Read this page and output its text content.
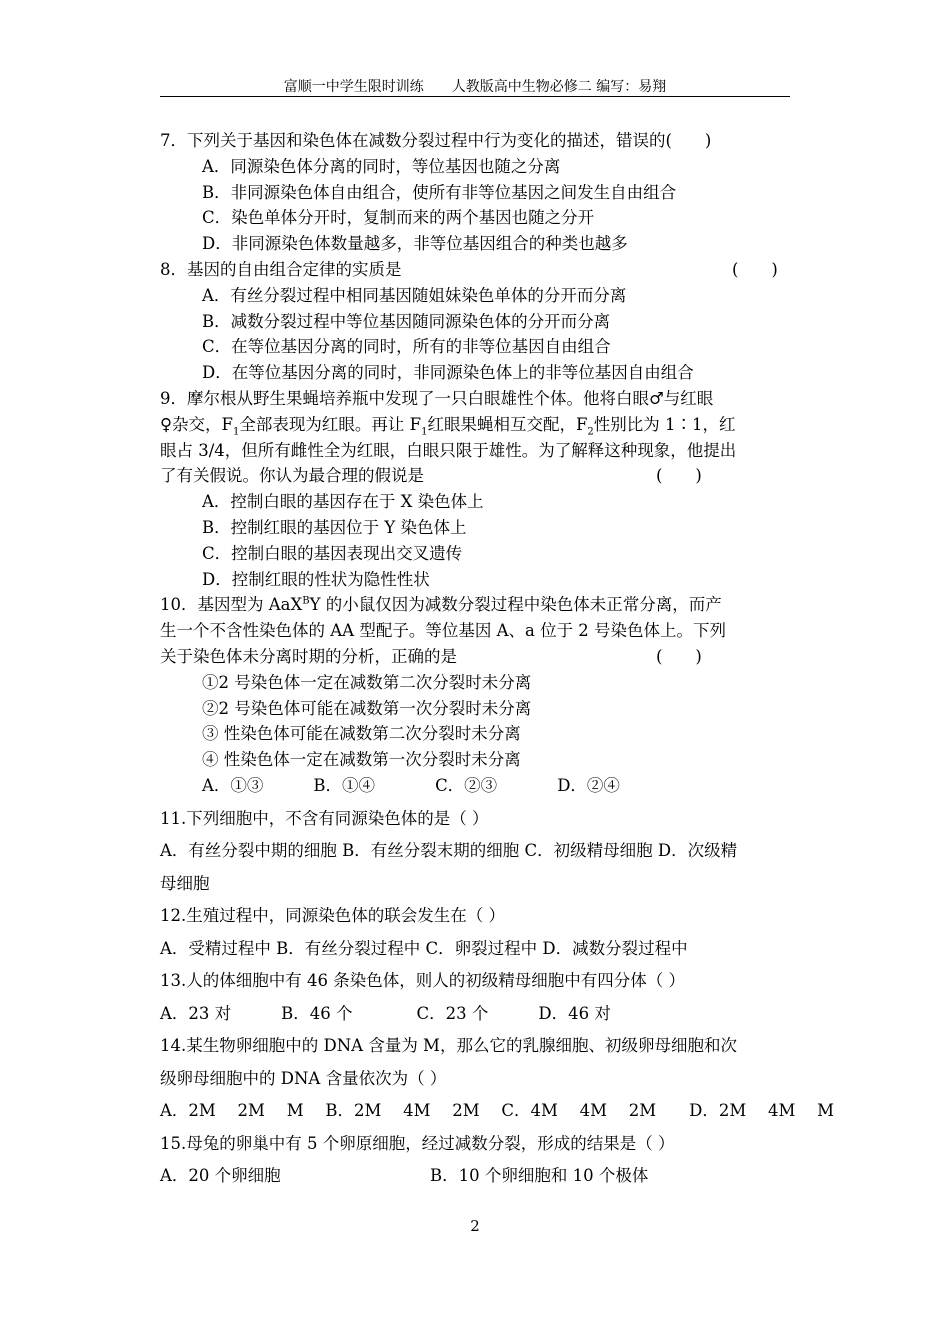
富顺一中学生限时训练　　人教版高中生物必修二 编写：易翔
7．下列关于基因和染色体在减数分裂过程中行为变化的描述，错误的(　　)
A．同源染色体分离的同时，等位基因也随之分离
B．非同源染色体自由组合，使所有非等位基因之间发生自由组合
C．染色单体分开时，复制而来的两个基因也随之分开
D．非同源染色体数量越多，非等位基因组合的种类也越多
8．基因的自由组合定律的实质是	(　　)
A．有丝分裂过程中相同基因随姐妹染色单体的分开而分离
B．减数分裂过程中等位基因随同源染色体的分开而分离
C．在等位基因分离的同时，所有的非等位基因自由组合
D．在等位基因分离的同时，非同源染色体上的非等位基因自由组合
9．摩尔根从野生果蝇培养瓶中发现了一只白眼雄性个体。他将白眼♂与红眼
♀杂交，$F_1$全部表现为红眼。再让 $F_1$红眼果蝇相互交配，$F_2$性别比为 1∶1，红
眼占 3/4，但所有雌性全为红眼，白眼只限于雄性。为了解释这种现象，他提出
了有关假说。你认为最合理的假说是	(　　)
A．控制白眼的基因存在于 X 染色体上
B．控制红眼的基因位于 Y 染色体上
C．控制白眼的基因表现出交叉遗传
D．控制红眼的性状为隐性性状
10．基因型为 AaX$^B$Y 的小鼠仅因为减数分裂过程中染色体未正常分离，而产
生一个不含性染色体的 AA 型配子。等位基因 A、a 位于 2 号染色体上。下列
关于染色体未分离时期的分析，正确的是	(　　)
①2 号染色体一定在减数第二次分裂时未分离
②2 号染色体可能在减数第一次分裂时未分离
③ 性染色体可能在减数第二次分裂时未分离
④ 性染色体一定在减数第一次分裂时未分离
A．①③	B．①④	C．②③	D．②④
11.下列细胞中，不含有同源染色体的是（ ）
A．有丝分裂中期的细胞 B．有丝分裂末期的细胞 C．初级精母细胞 D．次级精
母细胞
12.生殖过程中，同源染色体的联会发生在（ ）
A．受精过程中 B．有丝分裂过程中 C．卵裂过程中 D．减数分裂过程中
13.人的体细胞中有 46 条染色体，则人的初级精母细胞中有四分体（ ）
A．23 对	B．46 个	C．23 个	D．46 对
14.某生物卵细胞中的 DNA 含量为 M，那么它的乳腺细胞、初级卵母细胞和次
级卵母细胞中的 DNA 含量依次为（ ）
A．2M　 2M　 M　 B．2M　 4M　 2M　 C．4M　 4M　 2M　　D．2M　 4M　 M
15.母兔的卵巢中有 5 个卵原细胞，经过减数分裂，形成的结果是（ ）
A．20 个卵细胞	B．10 个卵细胞和 10 个极体
2
